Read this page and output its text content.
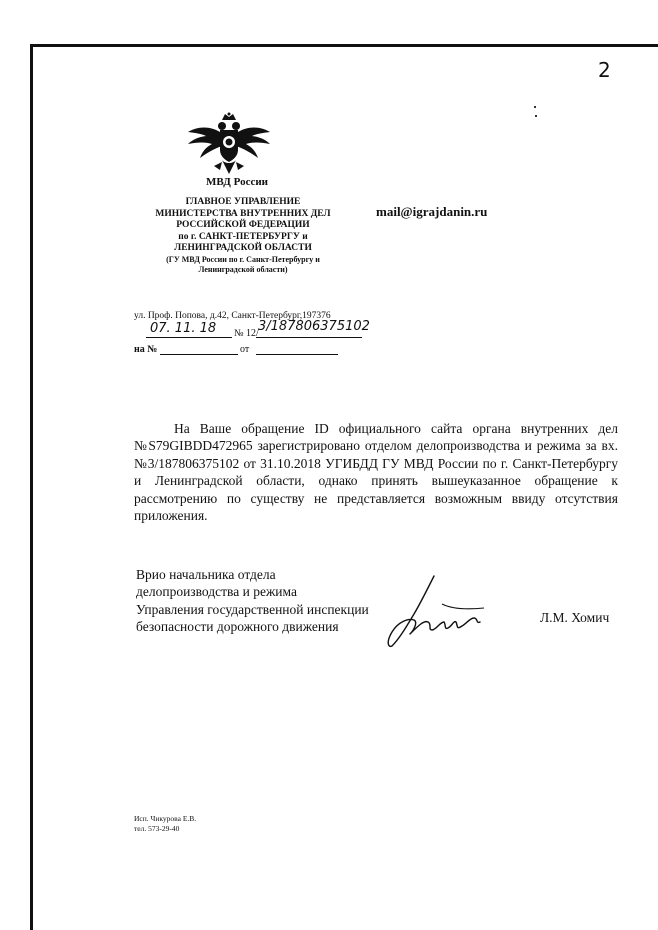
2
МВД России
ГЛАВНОЕ УПРАВЛЕНИЕ
МИНИСТЕРСТВА ВНУТРЕННИХ ДЕЛ
РОССИЙСКОЙ ФЕДЕРАЦИИ
по г. САНКТ-ПЕТЕРБУРГУ и
ЛЕНИНГРАДСКОЙ ОБЛАСТИ
(ГУ МВД России по г. Санкт-Петербургу и
Ленинградской области)
mail@igrajdanin.ru
ул. Проф. Попова, д.42, Санкт-Петербург,197376
07. 11. 18 № 12/ 3/187806375102
на №	от

На Ваше обращение ID официального сайта органа внутренних дел №S79GIBDD472965 зарегистрировано отделом делопроизводства и режима за вх. №3/187806375102 от 31.10.2018 УГИБДД ГУ МВД России по г. Санкт-Петербургу и Ленинградской области, однако принять вышеуказанное обращение к рассмотрению по существу не представляется возможным ввиду отсутствия приложения.

Врио начальника отдела
делопроизводства и режима
Управления государственной инспекции
безопасности дорожного движения
Л.М. Хомич
Исп. Чикурова Е.В.
тел. 573-29-40
